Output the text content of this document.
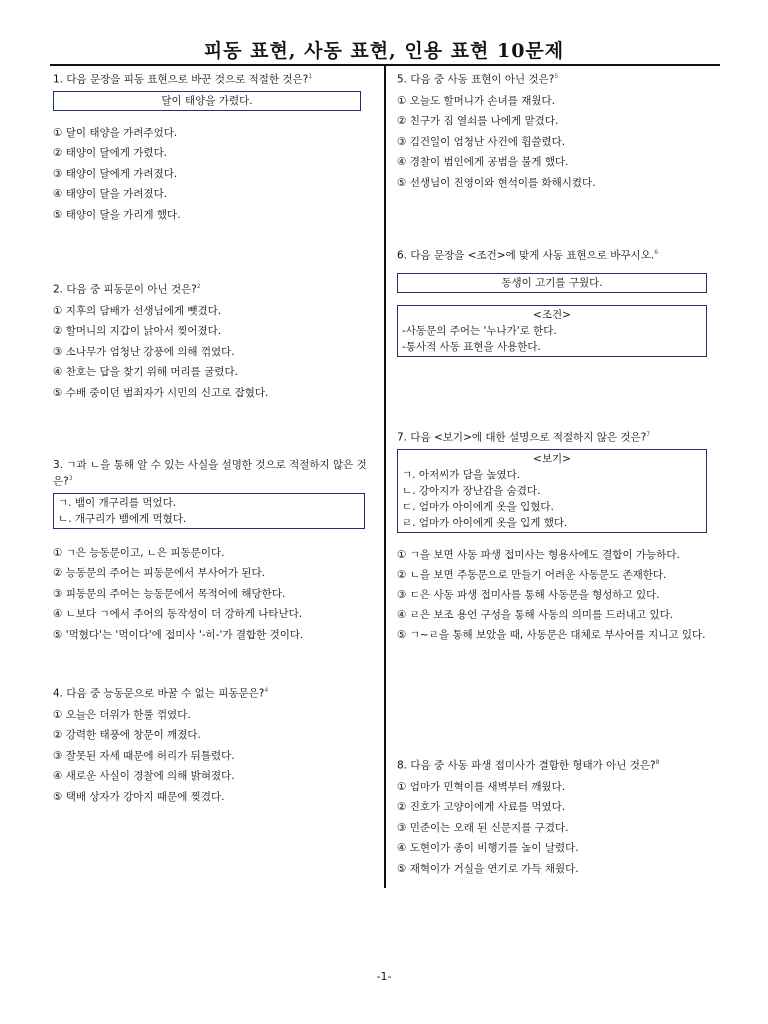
피동 표현, 사동 표현, 인용 표현 10문제
1. 다음 문장을 피동 표현으로 바꾼 것으로 적절한 것은?$^1$
달이 태양을 가렸다.
① 달이 태양을 가려주었다.
② 태양이 달에게 가렸다.
③ 태양이 달에게 가려졌다.
④ 태양이 달을 가려졌다.
⑤ 태양이 달을 가리게 했다.
2. 다음 중 피동문이 아닌 것은?$^2$
① 지후의 담배가 선생님에게 뺏겼다.
② 할머니의 지갑이 낡아서 찢어졌다.
③ 소나무가 엄청난 강풍에 의해 꺾였다.
④ 찬호는 답을 찾기 위해 머리를 굴렸다.
⑤ 수배 중이던 범죄자가 시민의 신고로 잡혔다.
3. ㄱ과 ㄴ을 통해 알 수 있는 사실을 설명한 것으로 적절하지 않은 것은?$^3$
ㄱ. 뱀이 개구리를 먹었다.
ㄴ. 개구리가 뱀에게 먹혔다.
① ㄱ은 능동문이고, ㄴ은 피동문이다.
② 능동문의 주어는 피동문에서 부사어가 된다.
③ 피동문의 주어는 능동문에서 목적어에 해당한다.
④ ㄴ보다 ㄱ에서 주어의 동작성이 더 강하게 나타난다.
⑤ '먹혔다'는 '먹이다'에 접미사 '-히-'가 결합한 것이다.
4. 다음 중 능동문으로 바꿀 수 없는 피동문은?$^4$
① 오늘은 더위가 한풀 꺾였다.
② 강력한 태풍에 창문이 깨졌다.
③ 잘못된 자세 때문에 허리가 뒤틀렸다.
④ 새로운 사실이 경찰에 의해 밝혀졌다.
⑤ 택배 상자가 강아지 때문에 찢겼다.
5. 다음 중 사동 표현이 아닌 것은?$^5$
① 오늘도 할머니가 손녀를 재웠다.
② 친구가 짐 열쇠를 나에게 맡겼다.
③ 김건일이 엄청난 사건에 휩쓸렸다.
④ 경찰이 범인에게 공범을 불게 했다.
⑤ 선생님이 진영이와 현석이를 화해시켰다.
6. 다음 문장을 <조건>에 맞게 사동 표현으로 바꾸시오.$^6$
동생이 고기를 구웠다.
<조건>
-사동문의 주어는 '누나가'로 한다.
-통사적 사동 표현을 사용한다.
7. 다음 <보기>에 대한 설명으로 적절하지 않은 것은?$^7$
<보기>
ㄱ. 아저씨가 담을 높였다.
ㄴ. 강아지가 장난감을 숨겼다.
ㄷ. 엄마가 아이에게 옷을 입혔다.
ㄹ. 엄마가 아이에게 옷을 입게 했다.
① ㄱ을 보면 사동 파생 접미사는 형용사에도 결합이 가능하다.
② ㄴ을 보면 주동문으로 만들기 어려운 사동문도 존재한다.
③ ㄷ은 사동 파생 접미사를 통해 사동문을 형성하고 있다.
④ ㄹ은 보조 용언 구성을 통해 사동의 의미를 드러내고 있다.
⑤ ㄱ~ㄹ을 통해 보았을 때, 사동문은 대체로 부사어를 지니고 있다.
8. 다음 중 사동 파생 접미사가 결합한 형태가 아닌 것은?$^8$
① 엄마가 민혁이를 새벽부터 깨웠다.
② 진호가 고양이에게 사료를 먹였다.
③ 민준이는 오래 된 신문지를 구겼다.
④ 도현이가 종이 비행기를 높이 날렸다.
⑤ 재혁이가 거실을 연기로 가득 채웠다.
-1-
